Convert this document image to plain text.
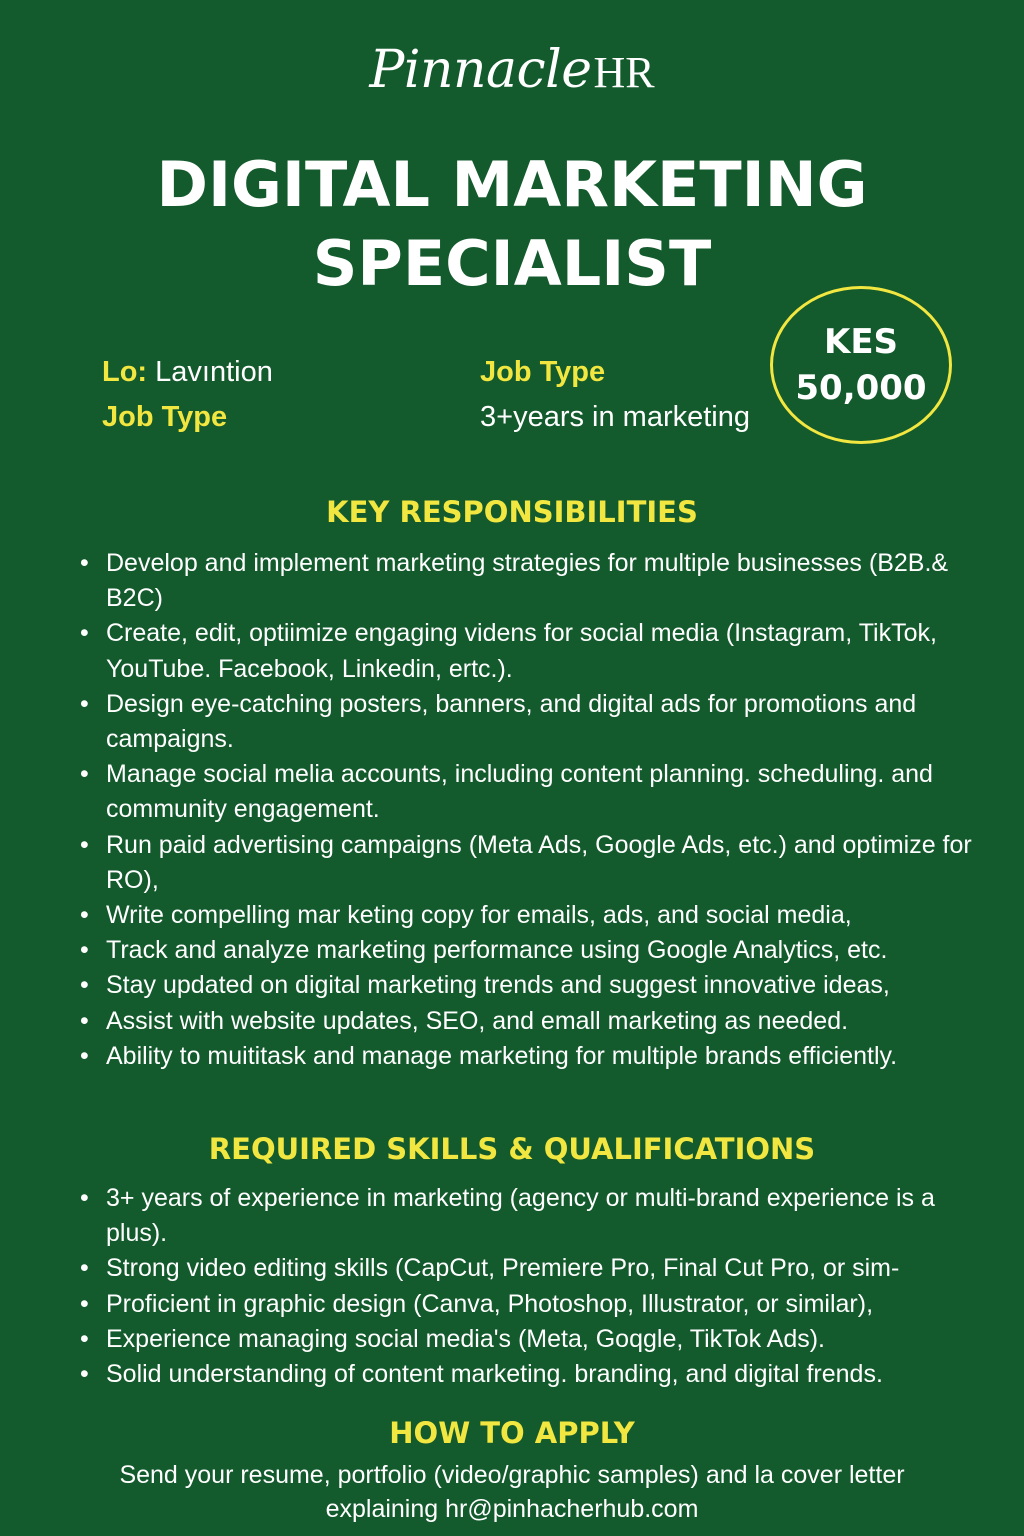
PinnacleHR
DIGITAL MARKETING
SPECIALIST
Lo: Lavıntion
Job Type
Job Type
3+years in marketing
KES
50,000
KEY RESPONSIBILITIES
• Develop and implement marketing strategies for multiple businesses (B2B.& B2C)
• Create, edit, optiimize engaging videns for social media (Instagram, TikTok, YouTube. Facebook, Linkedin, ertc.).
• Design eye-catching posters, banners, and digital ads for promotions and campaigns.
• Manage social melia accounts, including content planning. scheduling. and community engagement.
• Run paid advertising campaigns (Meta Ads, Google Ads, etc.) and optimize for RO),
• Write compelling mar keting copy for emails, ads, and social media,
• Track and analyze marketing performance using Google Analytics, etc.
• Stay updated on digital marketing trends and suggest innovative ideas,
• Assist with website updates, SEO, and emall marketing as needed.
• Ability to muititask and manage marketing for multiple brands efficiently.
REQUIRED SKILLS & QUALIFICATIONS
• 3+ years of experience in marketing (agency or multi-brand experience is a plus).
• Strong video editing skills (CapCut, Premiere Pro, Final Cut Pro, or sim-
• Proficient in graphic design (Canva, Photoshop, Illustrator, or similar),
• Experience managing social media's (Meta, Goqgle, TikTok Ads).
• Solid understanding of content marketing. branding, and digital frends.
HOW TO APPLY
Send your resume, portfolio (video/graphic samples) and la cover letter
explaining hr@pinhacherhub.com
